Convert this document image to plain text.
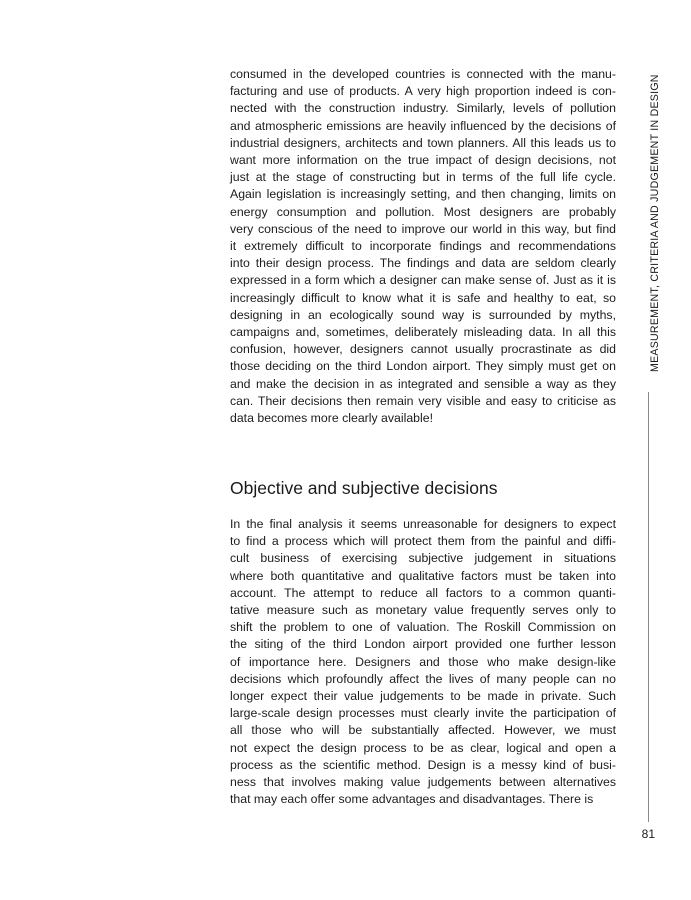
consumed in the developed countries is connected with the manu-
facturing and use of products. A very high proportion indeed is con-
nected with the construction industry. Similarly, levels of pollution
and atmospheric emissions are heavily influenced by the decisions of
industrial designers, architects and town planners. All this leads us to
want more information on the true impact of design decisions, not
just at the stage of constructing but in terms of the full life cycle.
Again legislation is increasingly setting, and then changing, limits on
energy consumption and pollution. Most designers are probably
very conscious of the need to improve our world in this way, but find
it extremely difficult to incorporate findings and recommendations
into their design process. The findings and data are seldom clearly
expressed in a form which a designer can make sense of. Just as it is
increasingly difficult to know what it is safe and healthy to eat, so
designing in an ecologically sound way is surrounded by myths,
campaigns and, sometimes, deliberately misleading data. In all this
confusion, however, designers cannot usually procrastinate as did
those deciding on the third London airport. They simply must get on
and make the decision in as integrated and sensible a way as they
can. Their decisions then remain very visible and easy to criticise as
data becomes more clearly available!
Objective and subjective decisions
In the final analysis it seems unreasonable for designers to expect
to find a process which will protect them from the painful and diffi-
cult business of exercising subjective judgement in situations
where both quantitative and qualitative factors must be taken into
account. The attempt to reduce all factors to a common quanti-
tative measure such as monetary value frequently serves only to
shift the problem to one of valuation. The Roskill Commission on
the siting of the third London airport provided one further lesson
of importance here. Designers and those who make design-like
decisions which profoundly affect the lives of many people can no
longer expect their value judgements to be made in private. Such
large-scale design processes must clearly invite the participation of
all those who will be substantially affected. However, we must
not expect the design process to be as clear, logical and open a
process as the scientific method. Design is a messy kind of busi-
ness that involves making value judgements between alternatives
that may each offer some advantages and disadvantages. There is
MEASUREMENT, CRITERIA AND JUDGEMENT IN DESIGN
81
